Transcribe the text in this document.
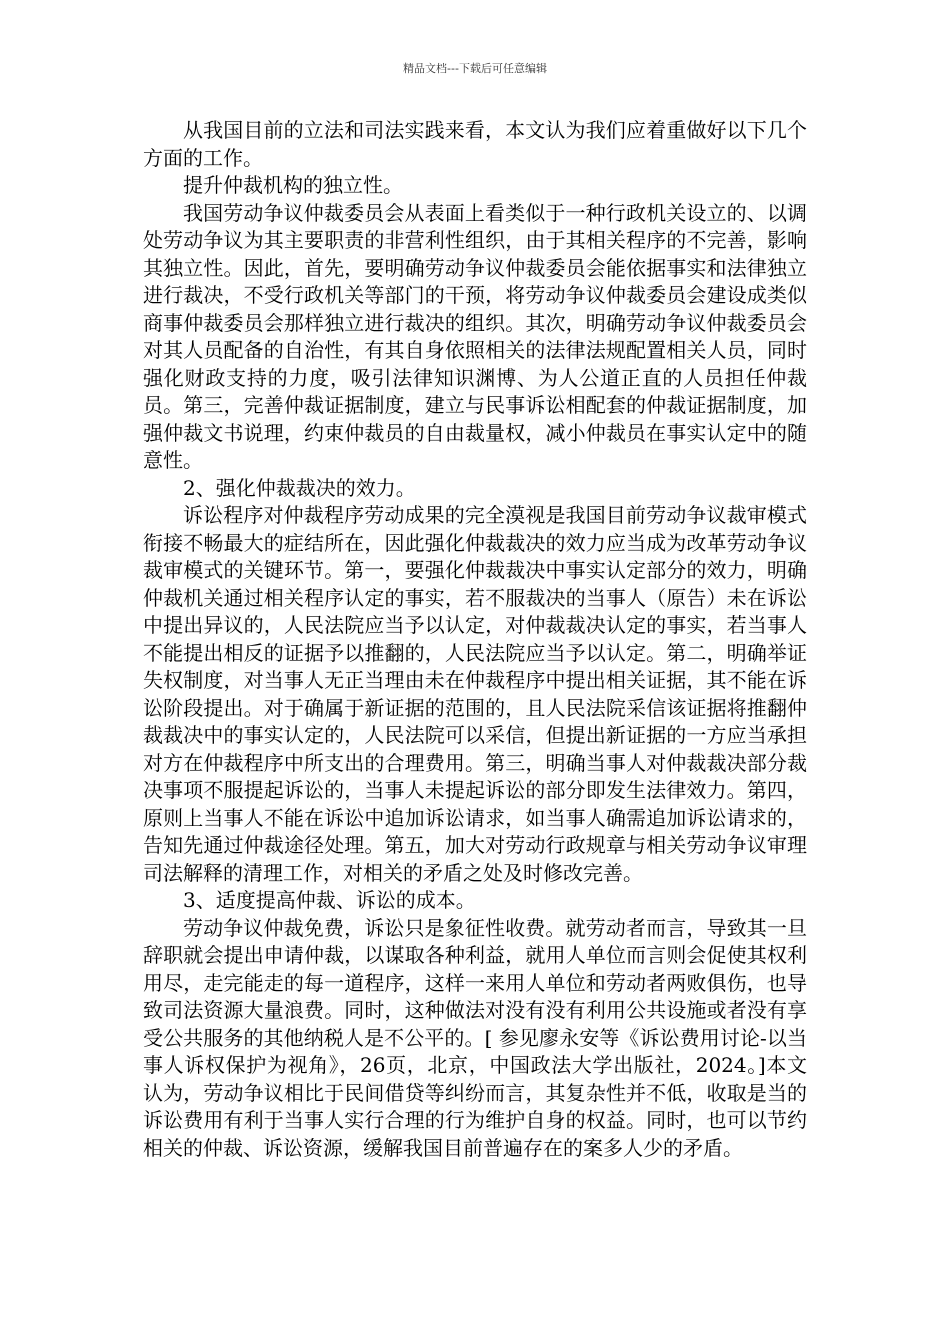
精品文档---下载后可任意编辑

从我国目前的立法和司法实践来看，本文认为我们应着重做好以下几个方面的工作。

提升仲裁机构的独立性。

我国劳动争议仲裁委员会从表面上看类似于一种行政机关设立的、以调处劳动争议为其主要职责的非营利性组织，由于其相关程序的不完善，影响其独立性。因此，首先，要明确劳动争议仲裁委员会能依据事实和法律独立进行裁决，不受行政机关等部门的干预，将劳动争议仲裁委员会建设成类似商事仲裁委员会那样独立进行裁决的组织。其次，明确劳动争议仲裁委员会对其人员配备的自治性，有其自身依照相关的法律法规配置相关人员，同时强化财政支持的力度，吸引法律知识渊博、为人公道正直的人员担任仲裁员。第三，完善仲裁证据制度，建立与民事诉讼相配套的仲裁证据制度，加强仲裁文书说理，约束仲裁员的自由裁量权，减小仲裁员在事实认定中的随意性。

2、强化仲裁裁决的效力。

诉讼程序对仲裁程序劳动成果的完全漠视是我国目前劳动争议裁审模式衔接不畅最大的症结所在，因此强化仲裁裁决的效力应当成为改革劳动争议裁审模式的关键环节。第一，要强化仲裁裁决中事实认定部分的效力，明确仲裁机关通过相关程序认定的事实，若不服裁决的当事人（原告）未在诉讼中提出异议的，人民法院应当予以认定，对仲裁裁决认定的事实，若当事人不能提出相反的证据予以推翻的，人民法院应当予以认定。第二，明确举证失权制度，对当事人无正当理由未在仲裁程序中提出相关证据，其不能在诉讼阶段提出。对于确属于新证据的范围的，且人民法院采信该证据将推翻仲裁裁决中的事实认定的，人民法院可以采信，但提出新证据的一方应当承担对方在仲裁程序中所支出的合理费用。第三，明确当事人对仲裁裁决部分裁决事项不服提起诉讼的，当事人未提起诉讼的部分即发生法律效力。第四，原则上当事人不能在诉讼中追加诉讼请求，如当事人确需追加诉讼请求的，告知先通过仲裁途径处理。第五，加大对劳动行政规章与相关劳动争议审理司法解释的清理工作，对相关的矛盾之处及时修改完善。

3、适度提高仲裁、诉讼的成本。

劳动争议仲裁免费，诉讼只是象征性收费。就劳动者而言，导致其一旦辞职就会提出申请仲裁，以谋取各种利益，就用人单位而言则会促使其权利用尽，走完能走的每一道程序，这样一来用人单位和劳动者两败俱伤，也导致司法资源大量浪费。同时，这种做法对没有没有利用公共设施或者没有享受公共服务的其他纳税人是不公平的。[ 参见廖永安等《诉讼费用讨论-以当事人诉权保护为视角》，26页，北京，中国政法大学出版社，2024。]本文认为，劳动争议相比于民间借贷等纠纷而言，其复杂性并不低，收取是当的诉讼费用有利于当事人实行合理的行为维护自身的权益。同时，也可以节约相关的仲裁、诉讼资源，缓解我国目前普遍存在的案多人少的矛盾。
